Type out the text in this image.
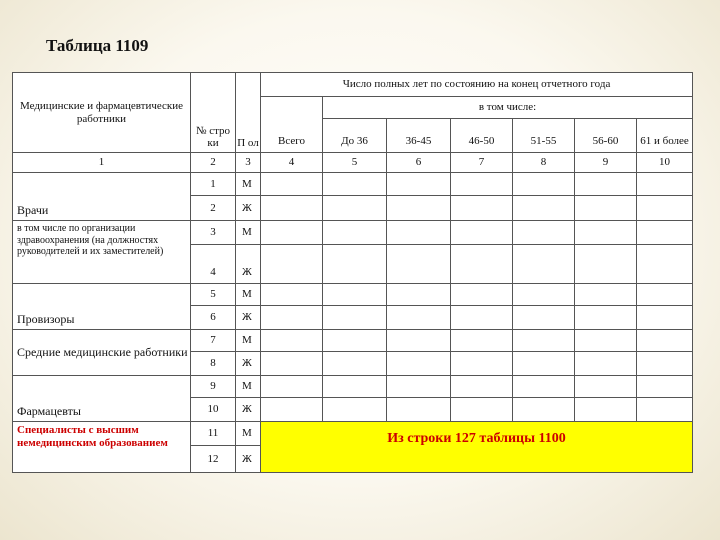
Таблица 1109
Медицинские и фармацевтические работники	№ стро ки	П ол	Число полных лет по состоянию на конец отчетного года						
			Всего	в том числе:					
				До 36	36-45	46-50	51-55	56-60	61 и более
1	2	3	4	5	6	7	8	9	10
Врачи	1	М							
	2	Ж							
в том числе по организации здравоохранения (на должностях руководителей и их заместителей)	3	М							
	4	Ж							
Провизоры	5	М							
	6	Ж							
Средние медицинские работники	7	М							
	8	Ж							
Фармацевты	9	М							
	10	Ж							
Специалисты с высшим немедицинским образованием	11	М	Из строки 127 таблицы 1100						
	12	Ж							
